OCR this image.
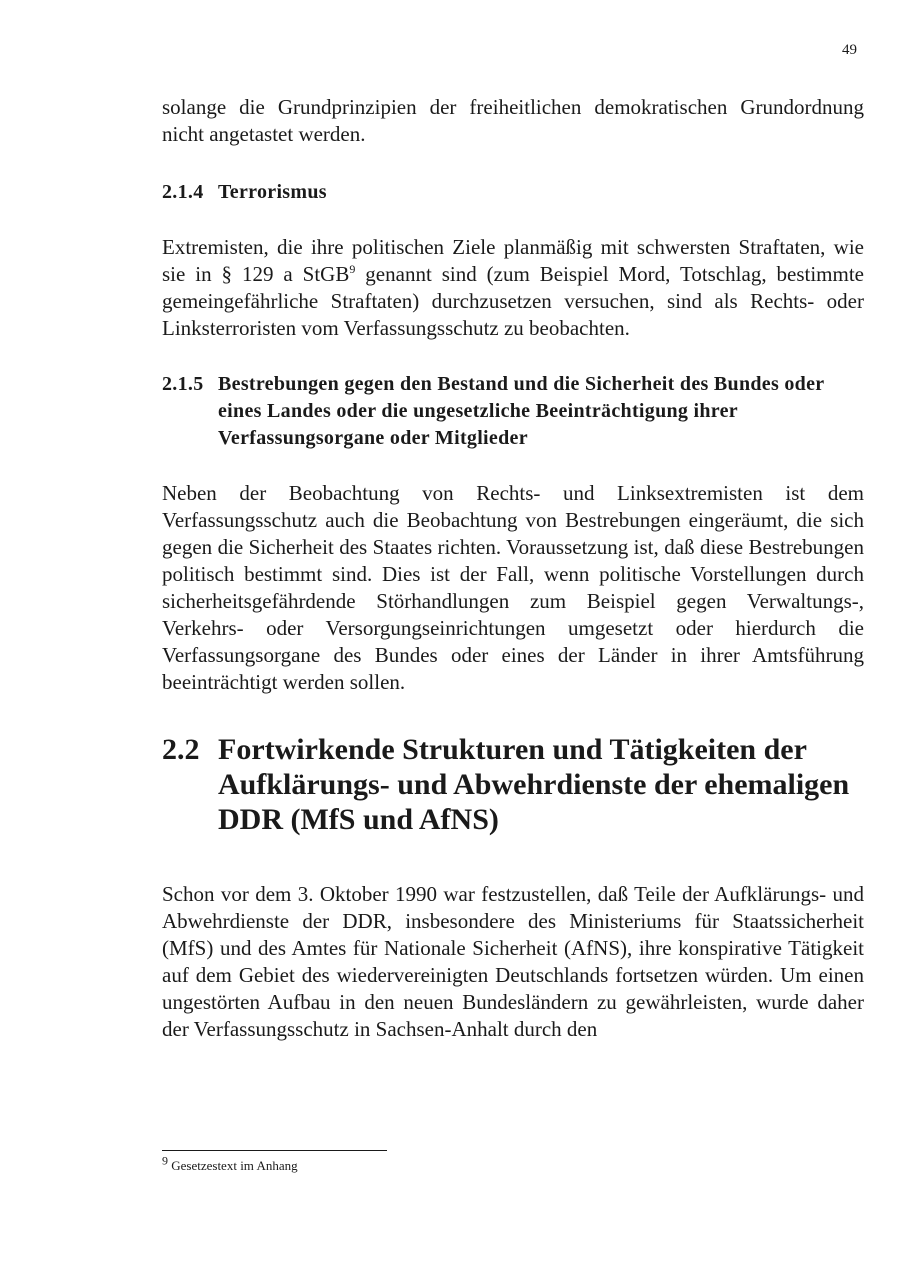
49

solange die Grundprinzipien der freiheitlichen demokratischen Grundordnung nicht angetastet werden.

2.1.4 Terrorismus

Extremisten, die ihre politischen Ziele planmäßig mit schwersten Straftaten, wie sie in § 129 a StGB$^9$ genannt sind (zum Beispiel Mord, Totschlag, bestimmte gemeingefährliche Straftaten) durchzusetzen versuchen, sind als Rechts- oder Linksterroristen vom Verfassungsschutz zu beobachten.

2.1.5 Bestrebungen gegen den Bestand und die Sicherheit des Bundes oder eines Landes oder die ungesetzliche Beeinträchtigung ihrer Verfassungsorgane oder Mitglieder

Neben der Beobachtung von Rechts- und Linksextremisten ist dem Verfassungsschutz auch die Beobachtung von Bestrebungen eingeräumt, die sich gegen die Sicherheit des Staates richten. Voraussetzung ist, daß diese Bestrebungen politisch bestimmt sind. Dies ist der Fall, wenn politische Vorstellungen durch sicherheitsgefährdende Störhandlungen zum Beispiel gegen Verwaltungs-, Verkehrs- oder Versorgungseinrichtungen umgesetzt oder hierdurch die Verfassungsorgane des Bundes oder eines der Länder in ihrer Amtsführung beeinträchtigt werden sollen.

2.2 Fortwirkende Strukturen und Tätigkeiten der Aufklärungs- und Abwehrdienste der ehemaligen DDR (MfS und AfNS)

Schon vor dem 3. Oktober 1990 war festzustellen, daß Teile der Aufklärungs- und Abwehrdienste der DDR, insbesondere des Ministeriums für Staatssicherheit (MfS) und des Amtes für Nationale Sicherheit (AfNS), ihre konspirative Tätigkeit auf dem Gebiet des wiedervereinigten Deutschlands fortsetzen würden. Um einen ungestörten Aufbau in den neuen Bundesländern zu gewährleisten, wurde daher der Verfassungsschutz in Sachsen-Anhalt durch den

$^9$ Gesetzestext im Anhang
